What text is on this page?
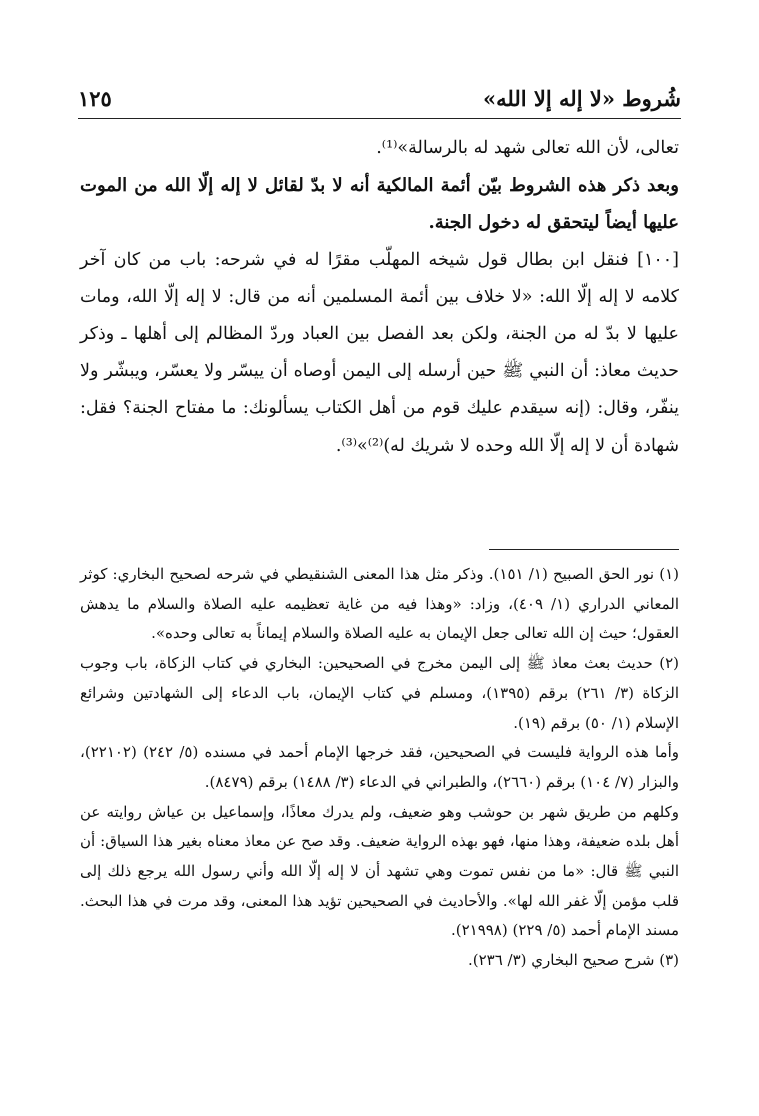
شُروط «لا إله إلا الله»
١٢٥

تعالى، لأن الله تعالى شهد له بالرسالة»⁽¹⁾.

وبعد ذكر هذه الشروط بيّن أئمة المالكية أنه لا بدّ لقائل لا إله إلّا الله من الموت عليها أيضاً ليتحقق له دخول الجنة.

[١٠٠] فنقل ابن بطال قول شيخه المهلّب مقرًا له في شرحه: باب من كان آخر كلامه لا إله إلّا الله: «لا خلاف بين أئمة المسلمين أنه من قال: لا إله إلّا الله، ومات عليها لا بدّ له من الجنة، ولكن بعد الفصل بين العباد وردّ المظالم إلى أهلها ـ وذكر حديث معاذ: أن النبي ﷺ حين أرسله إلى اليمن أوصاه أن ييسّر ولا يعسّر، ويبشّر ولا ينفّر، وقال: (إنه سيقدم عليك قوم من أهل الكتاب يسألونك: ما مفتاح الجنة؟ فقل: شهادة أن لا إله إلّا الله وحده لا شريك له)⁽²⁾»⁽³⁾.

(١) نور الحق الصبيح (١/ ١٥١). وذكر مثل هذا المعنى الشنقيطي في شرحه لصحيح البخاري: كوثر المعاني الدراري (١/ ٤٠٩)، وزاد: «وهذا فيه من غاية تعظيمه عليه الصلاة والسلام ما يدهش العقول؛ حيث إن الله تعالى جعل الإيمان به عليه الصلاة والسلام إيماناً به تعالى وحده».

(٢) حديث بعث معاذ ﷺ إلى اليمن مخرج في الصحيحين: البخاري في كتاب الزكاة، باب وجوب الزكاة (٣/ ٢٦١) برقم (١٣٩٥)، ومسلم في كتاب الإيمان، باب الدعاء إلى الشهادتين وشرائع الإسلام (١/ ٥٠) برقم (١٩).

وأما هذه الرواية فليست في الصحيحين، فقد خرجها الإمام أحمد في مسنده (٥/ ٢٤٢) (٢٢١٠٢)، والبزار (٧/ ١٠٤) برقم (٢٦٦٠)، والطبراني في الدعاء (٣/ ١٤٨٨) برقم (٨٤٧٩).

وكلهم من طريق شهر بن حوشب وهو ضعيف، ولم يدرك معاذًا، وإسماعيل بن عياش روايته عن أهل بلده ضعيفة، وهذا منها، فهو بهذه الرواية ضعيف. وقد صح عن معاذ معناه بغير هذا السياق: أن النبي ﷺ قال: «ما من نفس تموت وهي تشهد أن لا إله إلّا الله وأني رسول الله يرجع ذلك إلى قلب مؤمن إلّا غفر الله لها». والأحاديث في الصحيحين تؤيد هذا المعنى، وقد مرت في هذا البحث. مسند الإمام أحمد (٥/ ٢٢٩) (٢١٩٩٨).

(٣) شرح صحيح البخاري (٣/ ٢٣٦).
